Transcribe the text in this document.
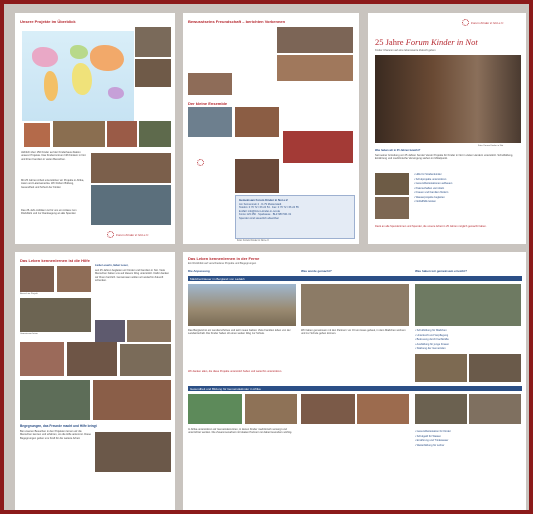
Unsere Projekte im Überblick
Jährlich über 150 Kinder auf der Kinderhaus-Station unserer Projekte. Das Kinderzentrum hilft Kindern in Not und ihren Familien in vielen Bereichen.
Mit 25 Jahren Arbeit unterstützen wir Projekte in Afrika, Asien und Lateinamerika. Wir fördern Bildung, Gesundheit und Schutz der Kinder.
Das 25-Jahr-Jubiläum ist für uns ein Anlass zum Rückblick und zur Danksagung an alle Spender.
Forum Kinder in Not e.V.
Bewusstseins Freundschaft – berichten Vorkennen
Der kleine Ensemble
Gemeinsam Forum Kinder in Not e.V.
Am Sonnenrain 2 · D-79 Musterstadt
Telefon: 0 76 72 / 66 24 54 · Fax: 0 76 72 / 66 24 55
E-Mail: info@forum-kinder-in-not.de
Konto 123 456 · Sparkasse · BLZ 680 501 01
Spenden sind steuerlich absetzbar
Foto: Forum Kinder in Not e.V.
Forum Kinder in Not e.V.
25 Jahre Forum Kinder in Not
Kinder Chancen auf eine lebenswerte Zukunft geben
Foto: Forum Kinder in Not
Was haben wir in 25 Jahren bewirkt?
Seit seiner Gründung vor 25 Jahren hat der Verein Projekte für Kinder in Not in vielen Ländern unterstützt. Schulbildung, Ernährung und medizinische Versorgung stehen im Mittelpunkt.
• Hilfe für Straßenkinder
• Schulprojekte unterstützen
• Gesundheitsstationen aufbauen
• Patenschaften vermitteln
• Frauen und Familien fördern
• Wasserprojekte begleiten
• Notfallhilfe leisten
Dank an alle Spenderinnen und Spender, die unsere Arbeit in 25 Jahren möglich gemacht haben.
Das Leben kennenlernen ist die Hilfe
Besuch im Projekt
Gemeinsam feiern
Liebe Leserin, lieber Leser,
seit 25 Jahren begleiten wir Kinder und Familien in Not. Viele Menschen haben uns auf diesem Weg unterstützt. Dafür danken wir Ihnen herzlich. Gemeinsam wollen wir weiterhin Zukunft schenken.
Begegnungen, das Freunde macht und Hilfe bringt
Bei unseren Besuchen in den Projekten lernen wir die Menschen kennen und erfahren, wo die Hilfe ankommt. Diese Begegnungen geben uns Kraft für die weitere Arbeit.
Das Leben kennenlernen in der Ferne
Ein Rückblick auf verschiedene Projekte und Begegnungen
Die Anpassung	Was wurde gemacht?	Was haben wir gemeinsam erreicht?
Mädchenhäuser im Bergland von Ladakh
Das Bergland ist ein wunderschönes und sehr raues Gebiet. Viele Familien leben von der Landwirtschaft. Die Kinder haben oft einen weiten Weg zur Schule.
Wir haben gemeinsam mit den Partnern vor Ort ein Haus gebaut, in dem Mädchen wohnen und zur Schule gehen können.
• Schulbildung für Mädchen
• Unterkunft und Verpflegung
• Betreuung durch Fachkräfte
• Ausbildung für junge Frauen
• Stärkung der Gemeinden
Wir danken allen, die diese Projekte unterstützt haben und weiterhin unterstützen.
Gesundheit und Bildung für Gemeindekinder in Afrika
In Afrika unterstützen wir Gemeindezentren, in denen Kinder medizinisch versorgt und unterrichtet werden. Die Zusammenarbeit mit lokalen Partnern ist dabei besonders wichtig.	• Gesundheitsstation für Kinder
• Schulgeld für Waisen
• Ernährung und Trinkwasser
• Weiterbildung für Lehrer
